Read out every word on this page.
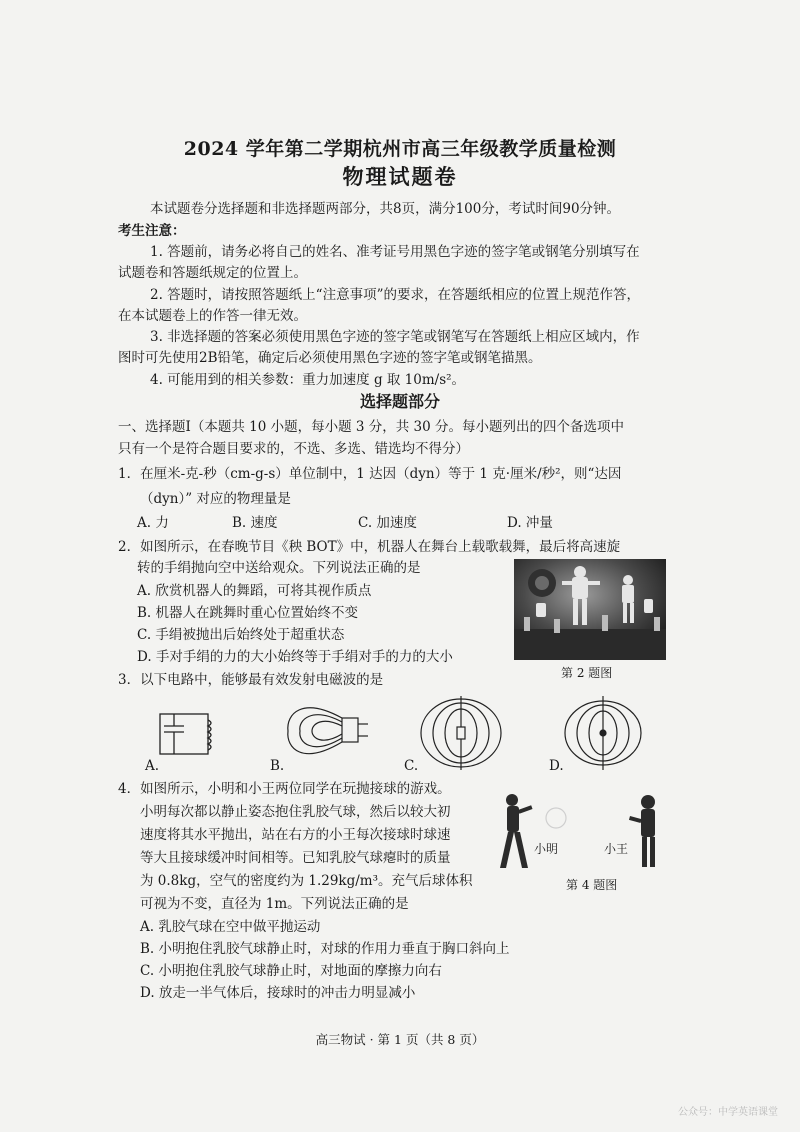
2024 学年第二学期杭州市高三年级教学质量检测
物理试题卷
本试题卷分选择题和非选择题两部分，共8页，满分100分，考试时间90分钟。
考生注意：
1. 答题前，请务必将自己的姓名、准考证号用黑色字迹的签字笔或钢笔分别填写在
试题卷和答题纸规定的位置上。
2. 答题时，请按照答题纸上“注意事项”的要求，在答题纸相应的位置上规范作答，
在本试题卷上的作答一律无效。
3. 非选择题的答案必须使用黑色字迹的签字笔或钢笔写在答题纸上相应区域内，作
图时可先使用2B铅笔，确定后必须使用黑色字迹的签字笔或钢笔描黑。
4. 可能用到的相关参数：重力加速度 g 取 10m/s²。
选择题部分
一、选择题Ⅰ（本题共 10 小题，每小题 3 分，共 30 分。每小题列出的四个备选项中
只有一个是符合题目要求的，不选、多选、错选均不得分）
1．在厘米-克-秒（cm-g-s）单位制中，1 达因（dyn）等于 1 克·厘米/秒²，则“达因
（dyn）” 对应的物理量是
A. 力	B. 速度	C. 加速度	D. 冲量
2．如图所示，在春晚节目《秧 BOT》中，机器人在舞台上载歌载舞，最后将高速旋
转的手绢抛向空中送给观众。下列说法正确的是
A. 欣赏机器人的舞蹈，可将其视作质点
B. 机器人在跳舞时重心位置始终不变
C. 手绢被抛出后始终处于超重状态
D. 手对手绢的力的大小始终等于手绢对手的力的大小
第 2 题图
3．以下电路中，能够最有效发射电磁波的是
A.	B.	C.	D.
4．如图所示，小明和小王两位同学在玩抛接球的游戏。
小明每次都以静止姿态抱住乳胶气球，然后以较大初
速度将其水平抛出，站在右方的小王每次接球时球速
等大且接球缓冲时间相等。已知乳胶气球瘪时的质量
为 0.8kg，空气的密度约为 1.29kg/m³。充气后球体积
可视为不变，直径为 1m。下列说法正确的是
A. 乳胶气球在空中做平抛运动
B. 小明抱住乳胶气球静止时，对球的作用力垂直于胸口斜向上
C. 小明抱住乳胶气球静止时，对地面的摩擦力向右
D. 放走一半气体后，接球时的冲击力明显减小
小明	小王
第 4 题图
高三物试 · 第 1 页（共 8 页）
公众号：中学英语课堂
